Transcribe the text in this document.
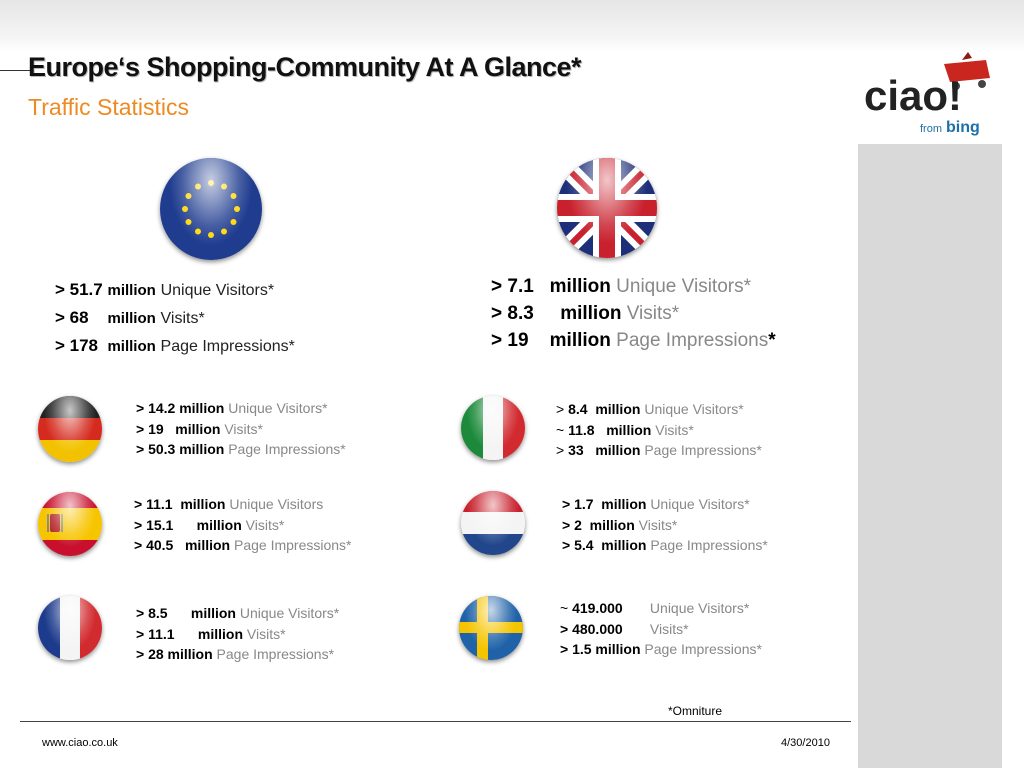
Europe‘s Shopping-Community At A Glance*
Traffic Statistics	ciao!
from bing
> 51.7 million Unique Visitors*
> 68 million Visits*
> 178 million Page Impressions*
> 7.1 million Unique Visitors*
> 8.3 million Visits*
> 19 million Page Impressions*
> 14.2 million Unique Visitors*
> 19   million Visits*
> 50.3 million Page Impressions*
> 8.4  million Unique Visitors*
~ 11.8   million Visits*
> 33   million Page Impressions*
> 11.1  million Unique Visitors
> 15.1      million Visits*
> 40.5   million Page Impressions*
> 1.7  million Unique Visitors*
> 2  million Visits*
> 5.4  million Page Impressions*
> 8.5      million Unique Visitors*
> 11.1      million Visits*
> 28 million Page Impressions*
~ 419.000 Unique Visitors*
> 480.000 Visits*
> 1.5 million Page Impressions*
*Omniture
www.ciao.co.uk	4/30/2010
